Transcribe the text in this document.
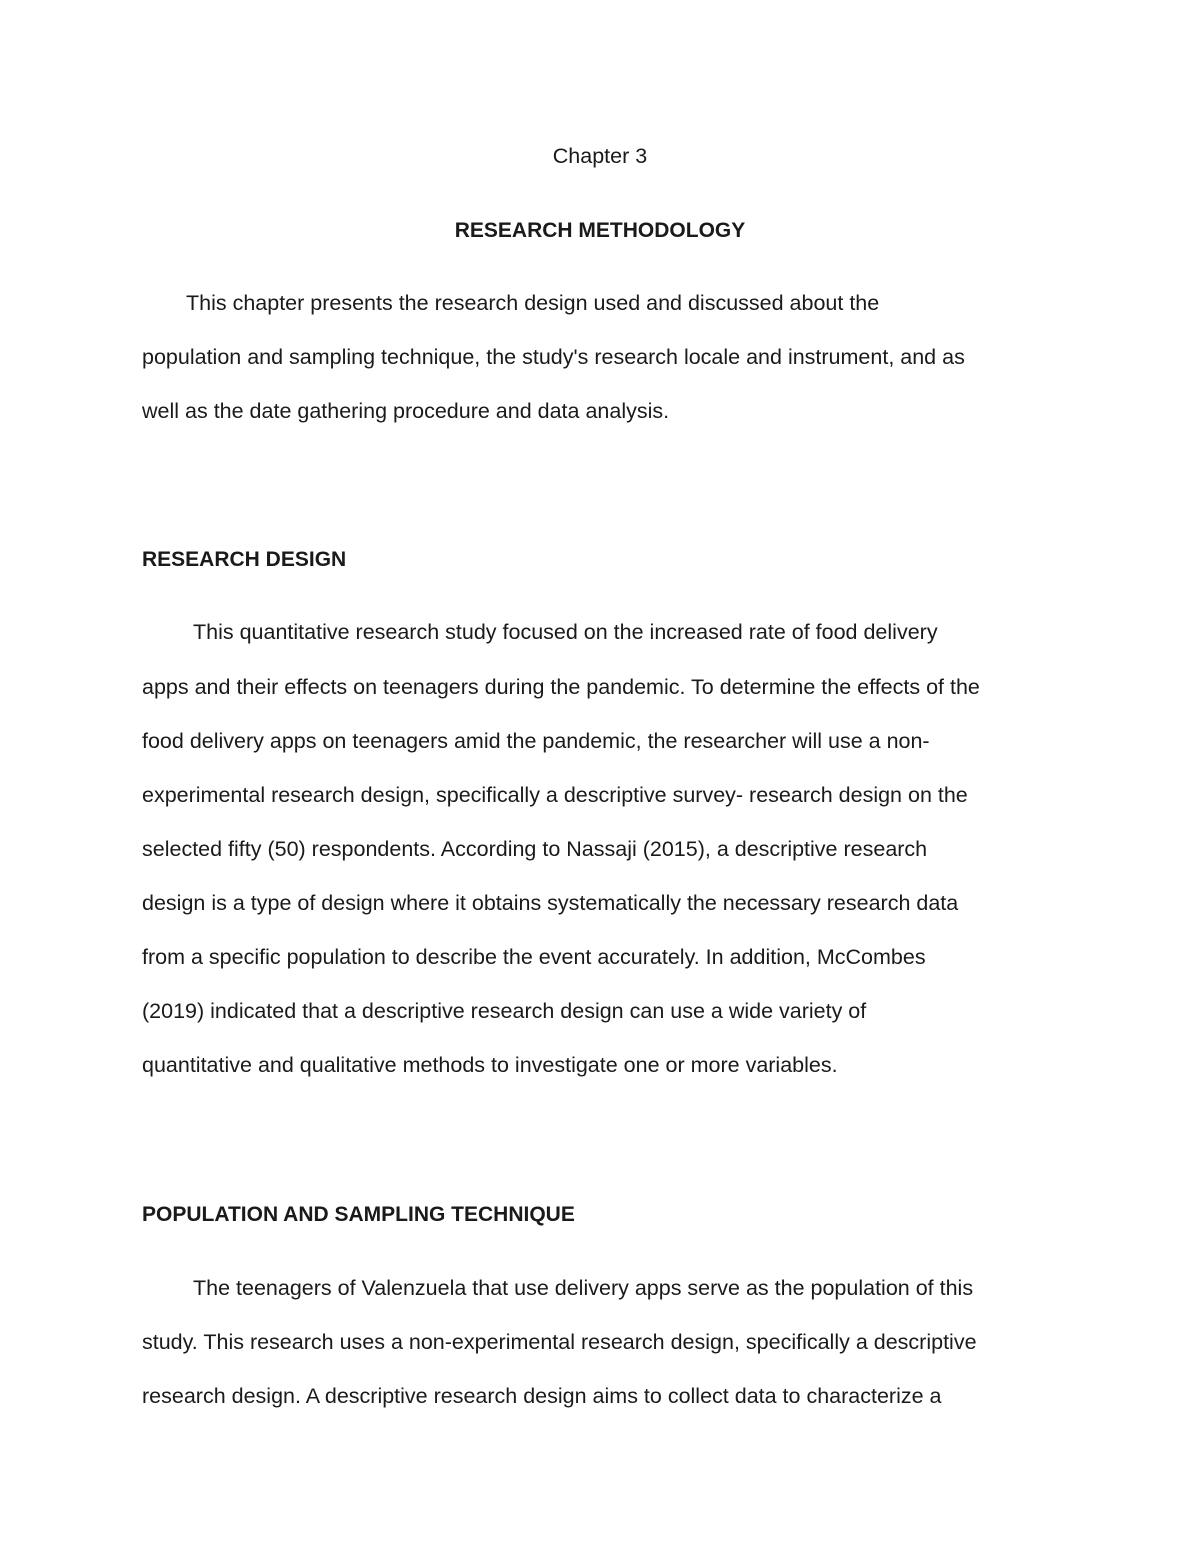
Chapter 3

RESEARCH METHODOLOGY

This chapter presents the research design used and discussed about the

population and sampling technique, the study's research locale and instrument, and as

well as the date gathering procedure and data analysis.

RESEARCH DESIGN

This quantitative research study focused on the increased rate of food delivery

apps and their effects on teenagers during the pandemic. To determine the effects of the

food delivery apps on teenagers amid the pandemic, the researcher will use a non-

experimental research design, specifically a descriptive survey- research design on the

selected fifty (50) respondents. According to Nassaji (2015), a descriptive research

design is a type of design where it obtains systematically the necessary research data

from a specific population to describe the event accurately. In addition, McCombes

(2019) indicated that a descriptive research design can use a wide variety of

quantitative and qualitative methods to investigate one or more variables.

POPULATION AND SAMPLING TECHNIQUE

The teenagers of Valenzuela that use delivery apps serve as the population of this

study. This research uses a non-experimental research design, specifically a descriptive

research design. A descriptive research design aims to collect data to characterize a
